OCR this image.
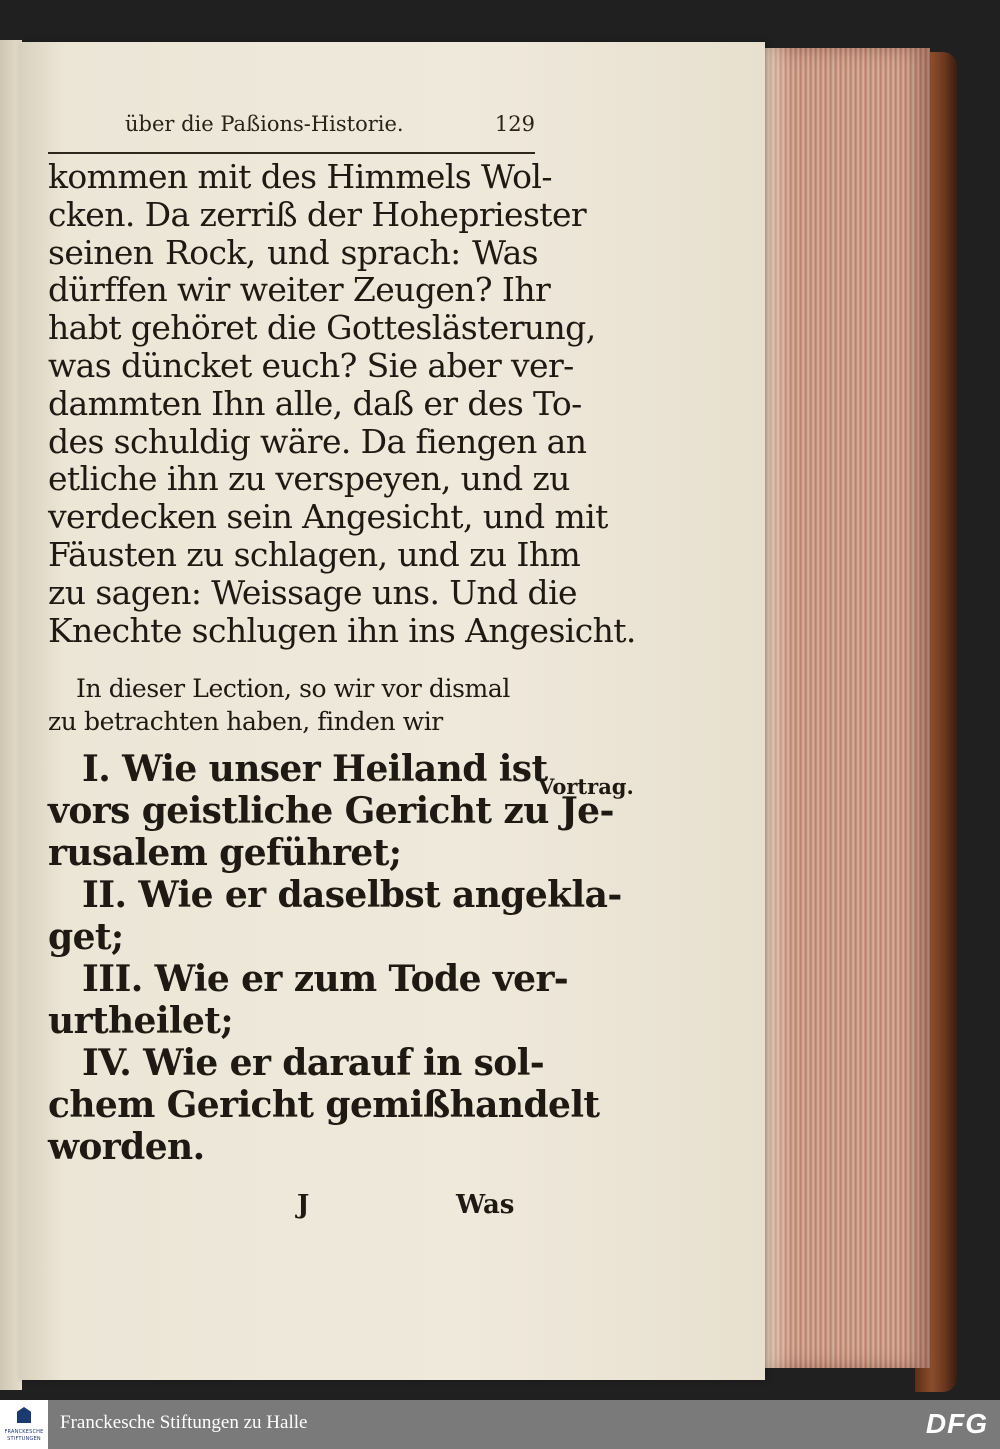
über die Paßions-Historie.	129
kommen mit des Himmels Wol-
cken. Da zerriß der Hohepriester
seinen Rock, und sprach: Was
dürffen wir weiter Zeugen? Ihr
habt gehöret die Gotteslästerung,
was düncket euch? Sie aber ver-
dammten Ihn alle, daß er des To-
des schuldig wäre. Da fiengen an
etliche ihn zu verspeyen, und zu
verdecken sein Angesicht, und mit
Fäusten zu schlagen, und zu Ihm
zu sagen: Weissage uns. Und die
Knechte schlugen ihn ins Angesicht.
In dieser Lection, so wir vor dismal
zu betrachten haben, finden wir
I. Wie unser Heiland ist
vors geistliche Gericht zu Je-
rusalem geführet;
II. Wie er daselbst angekla-
get;
III. Wie er zum Tode ver-
urtheilet;
IV. Wie er darauf in sol-
chem Gericht gemißhandelt
worden.
Vortrag.
J	Was
FRANCKESCHE
STIFTUNGEN
Franckesche Stiftungen zu Halle	DFG
